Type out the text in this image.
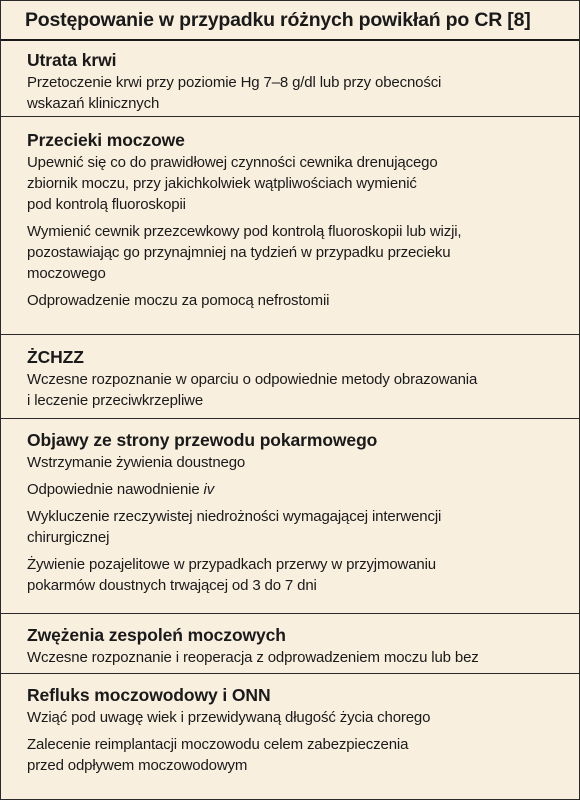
Postępowanie w przypadku różnych powikłań po CR [8]
Utrata krwi
Przetoczenie krwi przy poziomie Hg 7–8 g/dl lub przy obecności
wskazań klinicznych
Przecieki moczowe
Upewnić się co do prawidłowej czynności cewnika drenującego
zbiornik moczu, przy jakichkolwiek wątpliwościach wymienić
pod kontrolą fluoroskopii
Wymienić cewnik przezcewkowy pod kontrolą fluoroskopii lub wizji,
pozostawiając go przynajmniej na tydzień w przypadku przecieku
moczowego
Odprowadzenie moczu za pomocą nefrostomii
ŻCHZZ
Wczesne rozpoznanie w oparciu o odpowiednie metody obrazowania
i leczenie przeciwkrzepliwe
Objawy ze strony przewodu pokarmowego
Wstrzymanie żywienia doustnego
Odpowiednie nawodnienie iv
Wykluczenie rzeczywistej niedrożności wymagającej interwencji
chirurgicznej
Żywienie pozajelitowe w przypadkach przerwy w przyjmowaniu
pokarmów doustnych trwającej od 3 do 7 dni
Zwężenia zespoleń moczowych
Wczesne rozpoznanie i reoperacja z odprowadzeniem moczu lub bez
Refluks moczowodowy i ONN
Wziąć pod uwagę wiek i przewidywaną długość życia chorego
Zalecenie reimplantacji moczowodu celem zabezpieczenia
przed odpływem moczowodowym
